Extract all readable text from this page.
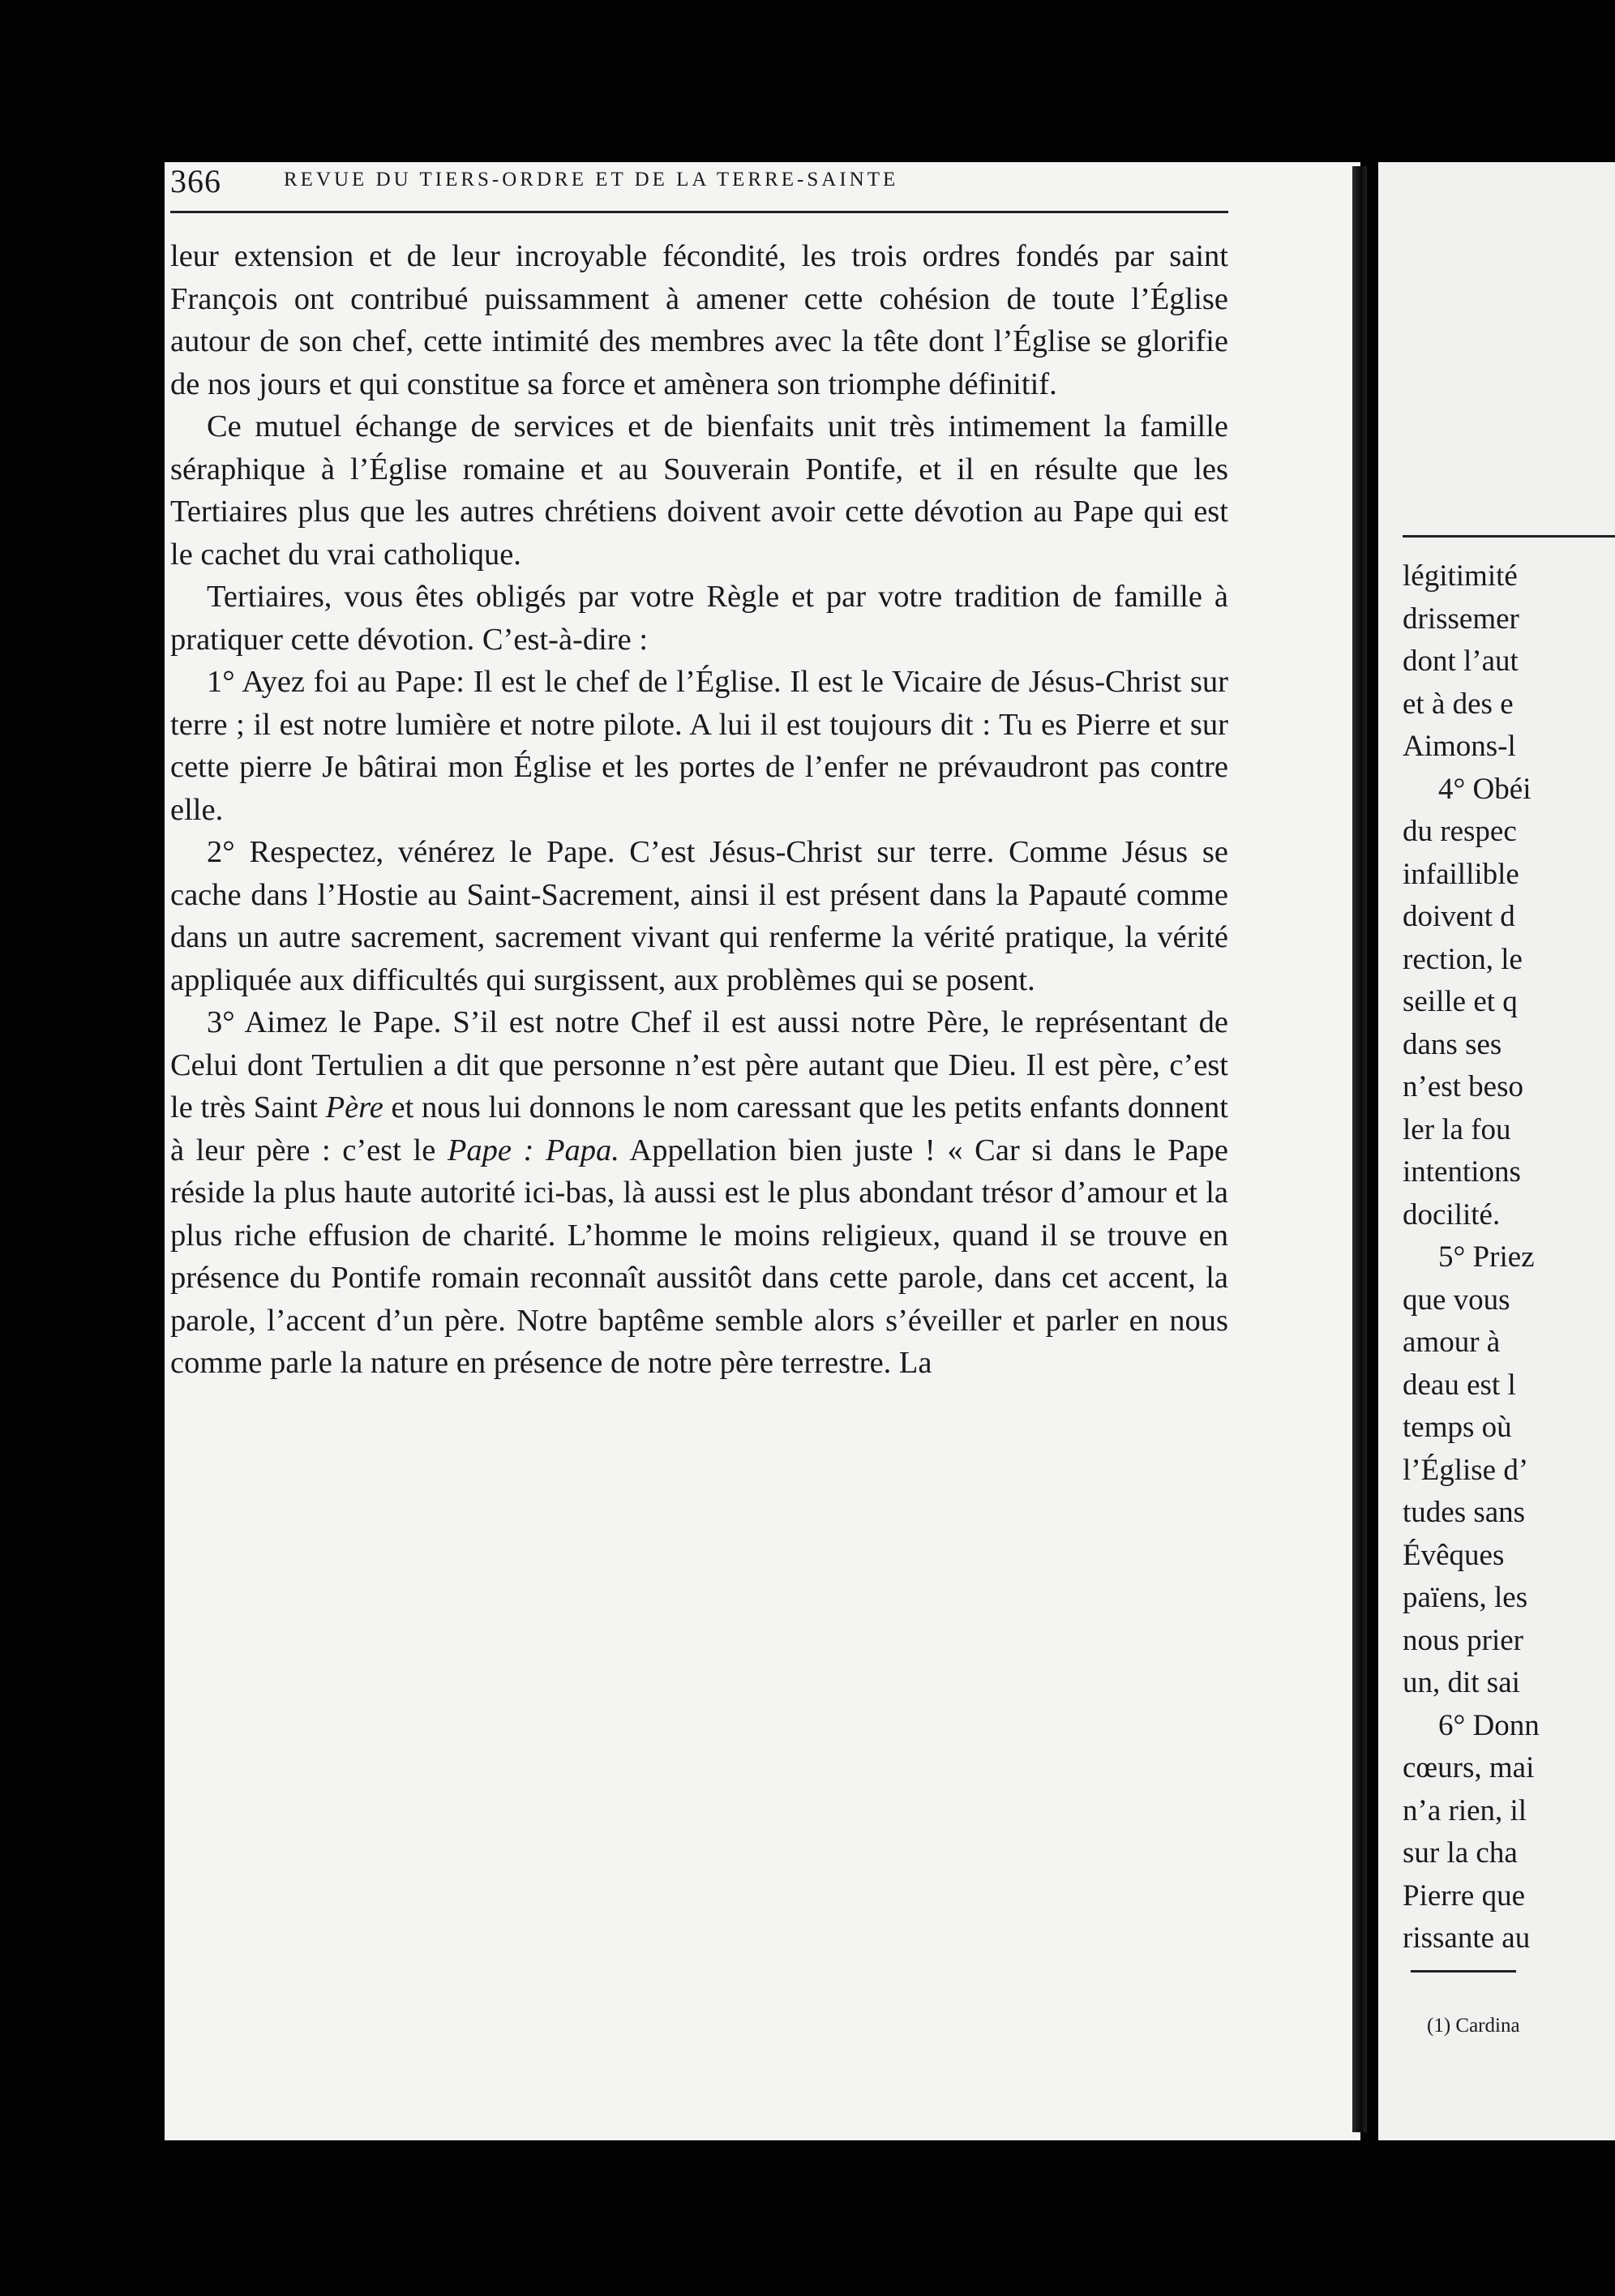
366	REVUE DU TIERS-ORDRE ET DE LA TERRE-SAINTE

leur extension et de leur incroyable fécondité, les trois ordres fondés par saint François ont contribué puissamment à amener cette cohésion de toute l’Église autour de son chef, cette intimité des membres avec la tête dont l’Église se glorifie de nos jours et qui constitue sa force et amènera son triomphe définitif.

Ce mutuel échange de services et de bienfaits unit très intimement la famille séraphique à l’Église romaine et au Souverain Pontife, et il en résulte que les Tertiaires plus que les autres chrétiens doivent avoir cette dévotion au Pape qui est le cachet du vrai catholique.

Tertiaires, vous êtes obligés par votre Règle et par votre tradition de famille à pratiquer cette dévotion. C’est-à-dire :

1° Ayez foi au Pape: Il est le chef de l’Église. Il est le Vicaire de Jésus-Christ sur terre ; il est notre lumière et notre pilote. A lui il est toujours dit : Tu es Pierre et sur cette pierre Je bâtirai mon Église et les portes de l’enfer ne prévaudront pas contre elle.

2° Respectez, vénérez le Pape. C’est Jésus-Christ sur terre. Comme Jésus se cache dans l’Hostie au Saint-Sacrement, ainsi il est présent dans la Papauté comme dans un autre sacrement, sacrement vivant qui renferme la vérité pratique, la vérité appliquée aux difficultés qui surgissent, aux problèmes qui se posent.

3° Aimez le Pape. S’il est notre Chef il est aussi notre Père, le représentant de Celui dont Tertulien a dit que personne n’est père autant que Dieu. Il est père, c’est le très Saint Père et nous lui donnons le nom caressant que les petits enfants donnent à leur père : c’est le Pape : Papa. Appellation bien juste ! « Car si dans le Pape réside la plus haute autorité ici-bas, là aussi est le plus abondant trésor d’amour et la plus riche effusion de charité. L’homme le moins religieux, quand il se trouve en présence du Pontife romain reconnaît aussitôt dans cette parole, dans cet accent, la parole, l’accent d’un père. Notre baptême semble alors s’éveiller et parler en nous comme parle la nature en présence de notre père terrestre. La

légitimité
drissemer
dont l’aut
et à des e
Aimons-l
4° Obéi
du respec
infaillible
doivent d
rection, le
seille et q
dans ses
n’est beso
ler la fou
intentions
docilité.
5° Priez
que vous
amour à
deau est l
temps où
l’Église d’
tudes sans
Évêques
païens, les
nous prier
un, dit sai
6° Donn
cœurs, mai
n’a rien, il
sur la cha
Pierre que
rissante au
(1) Cardina
